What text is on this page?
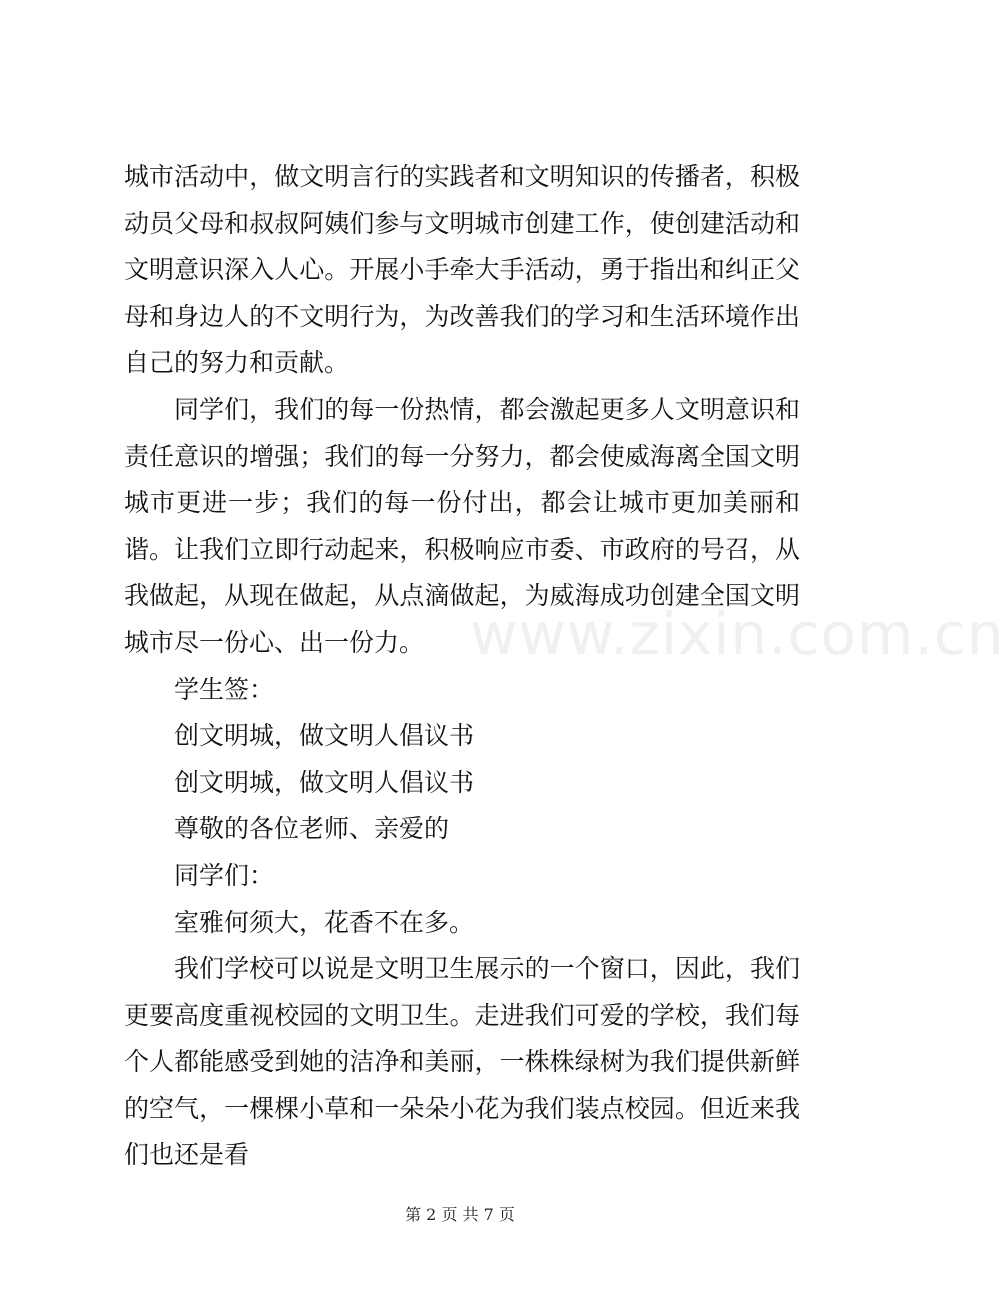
城市活动中，做文明言行的实践者和文明知识的传播者，积极动员父母和叔叔阿姨们参与文明城市创建工作，使创建活动和文明意识深入人心。开展小手牵大手活动，勇于指出和纠正父母和身边人的不文明行为，为改善我们的学习和生活环境作出自己的努力和贡献。

同学们，我们的每一份热情，都会激起更多人文明意识和责任意识的增强；我们的每一分努力，都会使威海离全国文明城市更进一步；我们的每一份付出，都会让城市更加美丽和谐。让我们立即行动起来，积极响应市委、市政府的号召，从我做起，从现在做起，从点滴做起，为威海成功创建全国文明城市尽一份心、出一份力。

学生签：

创文明城，做文明人倡议书

创文明城，做文明人倡议书

尊敬的各位老师、亲爱的

同学们：

室雅何须大，花香不在多。

我们学校可以说是文明卫生展示的一个窗口，因此，我们更要高度重视校园的文明卫生。走进我们可爱的学校，我们每个人都能感受到她的洁净和美丽，一株株绿树为我们提供新鲜的空气，一棵棵小草和一朵朵小花为我们装点校园。但近来我们也还是看

www.zixin.com.cn
第 2 页 共 7 页
